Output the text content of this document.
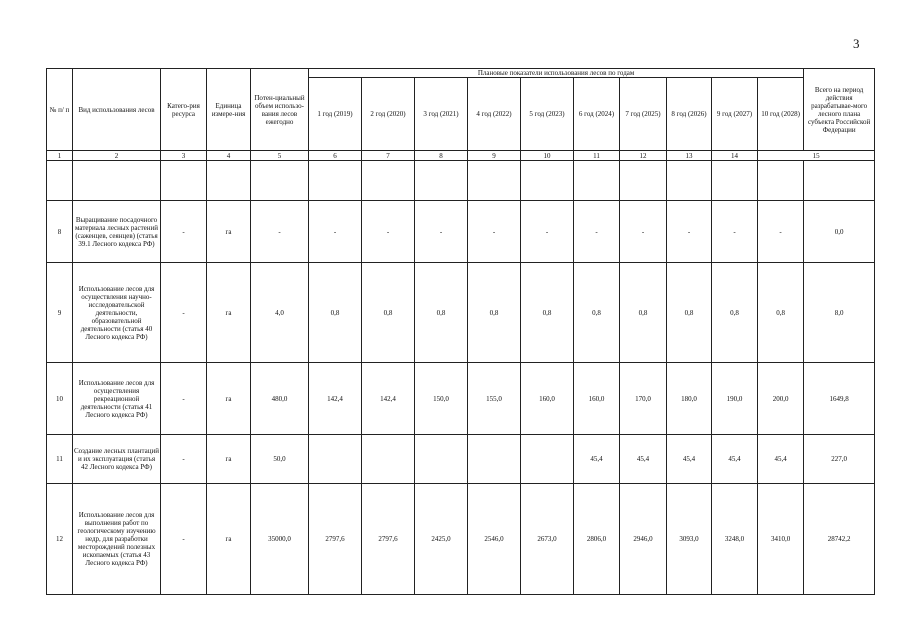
3
№ п/ п	Вид использования лесов	Катего-рия ресурса	Единица измере-ния	Потен-циальный объем использо-вания лесов ежегодно	Плановые показатели использования лесов по годам										Всего на период действия разрабатывае-мого лесного плана субъекта Российской Федерации
					1 год (2019)	2 год (2020)	3 год (2021)	4 год (2022)	5 год (2023)	6 год (2024)	7 год (2025)	8 год (2026)	9 год (2027)	10 год (2028)	
1	2	3	4	5	6	7	8	9	10	11	12	13	14	15	

8	Выращивание посадочного материала лесных растений (саженцев, сеянцев) (статья 39.1 Лесного кодекса РФ)	-	га	-	-	-	-	-	-	-	-	-	-	-	0,0
9	Использование лесов для осуществления научно-исследовательской деятельности, образовательной деятельности (статья 40 Лесного кодекса РФ)	-	га	4,0	0,8	0,8	0,8	0,8	0,8	0,8	0,8	0,8	0,8	0,8	8,0
10	Использование лесов для осуществления рекреационной деятельности (статья 41 Лесного кодекса РФ)	-	га	480,0	142,4	142,4	150,0	155,0	160,0	160,0	170,0	180,0	190,0	200,0	1649,8
11	Создание лесных плантаций и их эксплуатация (статья 42 Лесного кодекса РФ)	-	га	50,0						45,4	45,4	45,4	45,4	45,4	227,0
12	Использование лесов для выполнения работ по геологическому изучению недр, для разработки месторождений полезных ископаемых (статья 43 Лесного кодекса РФ)	-	га	35000,0	2797,6	2797,6	2425,0	2546,0	2673,0	2806,0	2946,0	3093,0	3248,0	3410,0	28742,2
